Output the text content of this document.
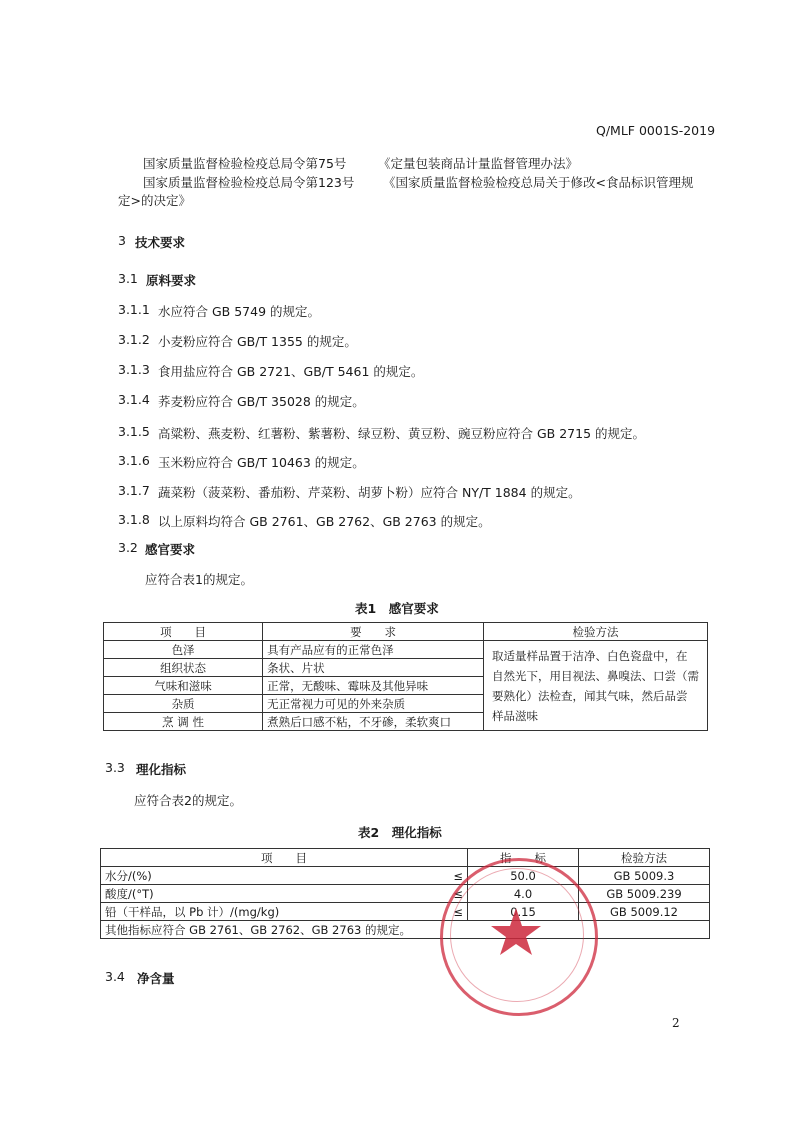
Q/MLF 0001S-2019
国家质量监督检验检疫总局令第75号	《定量包装商品计量监督管理办法》
国家质量监督检验检疫总局令第123号 《国家质量监督检验检疫总局关于修改<食品标识管理规
定>的决定》
3 技术要求
3.1 原料要求
3.1.1 水应符合 GB 5749 的规定。
3.1.2 小麦粉应符合 GB/T 1355 的规定。
3.1.3 食用盐应符合 GB 2721、GB/T 5461 的规定。
3.1.4 荞麦粉应符合 GB/T 35028 的规定。
3.1.5 高粱粉、燕麦粉、红薯粉、紫薯粉、绿豆粉、黄豆粉、豌豆粉应符合 GB 2715 的规定。
3.1.6 玉米粉应符合 GB/T 10463 的规定。
3.1.7 蔬菜粉（菠菜粉、番茄粉、芹菜粉、胡萝卜粉）应符合 NY/T 1884 的规定。
3.1.8 以上原料均符合 GB 2761、GB 2762、GB 2763 的规定。
3.2 感官要求
应符合表1的规定。
表1　感官要求
项　　目	要　　求	检验方法
色泽	具有产品应有的正常色泽	取适量样品置于洁净、白色瓷盘中，在
自然光下，用目视法、鼻嗅法、口尝（需
要熟化）法检查，闻其气味，然后品尝
样品滋味

组织状态	条状、片状	
气味和滋味	正常，无酸味、霉味及其他异味	
杂质	无正常视力可见的外来杂质	
烹 调 性	煮熟后口感不粘，不牙碜，柔软爽口	
3.3 理化指标
应符合表2的规定。
表2　理化指标
项　　目		指　　标	检验方法
水分/(%)	≤	50.0	GB 5009.3
酸度/(°T)	≤	4.0	GB 5009.239
铅（干样品，以 Pb 计）/(mg/kg)	≤	0.15	GB 5009.12
其他指标应符合 GB 2761、GB 2762、GB 2763 的规定。			
3.4 净含量
2
